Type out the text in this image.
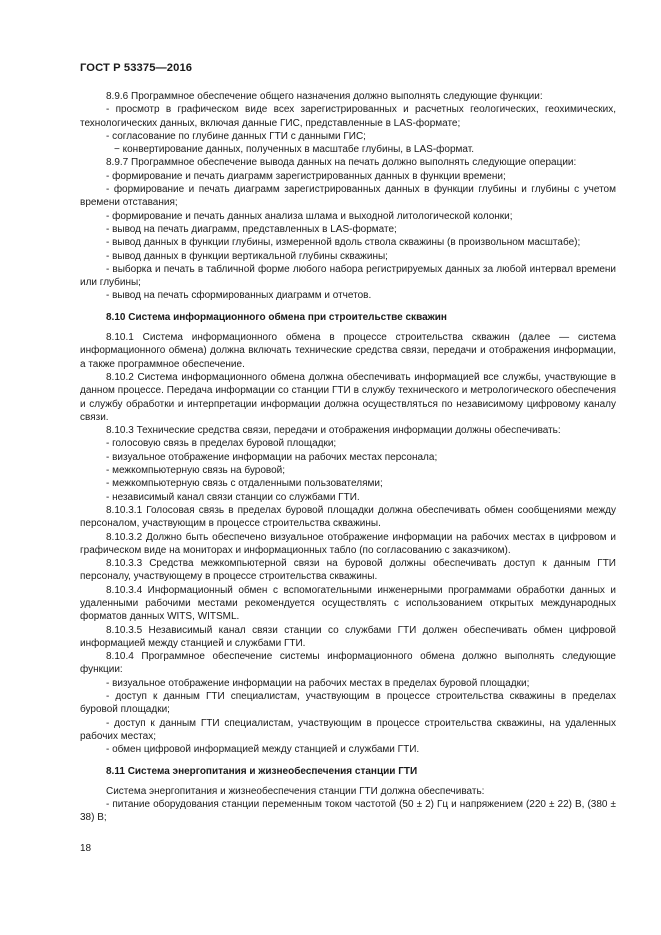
ГОСТ Р 53375—2016

8.9.6 Программное обеспечение общего назначения должно выполнять следующие функции:

- просмотр в графическом виде всех зарегистрированных и расчетных геологических, геохимических, технологических данных, включая данные ГИС, представленные в LAS-формате;

- согласование по глубине данных ГТИ с данными ГИС;

− конвертирование данных, полученных в масштабе глубины, в LAS-формат.

8.9.7 Программное обеспечение вывода данных на печать должно выполнять следующие операции:

- формирование и печать диаграмм зарегистрированных данных в функции времени;

- формирование и печать диаграмм зарегистрированных данных в функции глубины и глубины с учетом времени отставания;

- формирование и печать данных анализа шлама и выходной литологической колонки;

- вывод на печать диаграмм, представленных в LAS-формате;

- вывод данных в функции глубины, измеренной вдоль ствола скважины (в произвольном масштабе);

- вывод данных в функции вертикальной глубины скважины;

- выборка и печать в табличной форме любого набора регистрируемых данных за любой интервал времени или глубины;

- вывод на печать сформированных диаграмм и отчетов.

8.10 Система информационного обмена при строительстве скважин

8.10.1 Система информационного обмена в процессе строительства скважин (далее — система информационного обмена) должна включать технические средства связи, передачи и отображения информации, а также программное обеспечение.

8.10.2 Система информационного обмена должна обеспечивать информацией все службы, участвующие в данном процессе. Передача информации со станции ГТИ в службу технического и метрологического обеспечения и службу обработки и интерпретации информации должна осуществляться по независимому цифровому каналу связи.

8.10.3 Технические средства связи, передачи и отображения информации должны обеспечивать:

- голосовую связь в пределах буровой площадки;

- визуальное отображение информации на рабочих местах персонала;

- межкомпьютерную связь на буровой;

- межкомпьютерную связь с отдаленными пользователями;

- независимый канал связи станции со службами ГТИ.

8.10.3.1 Голосовая связь в пределах буровой площадки должна обеспечивать обмен сообщениями между персоналом, участвующим в процессе строительства скважины.

8.10.3.2 Должно быть обеспечено визуальное отображение информации на рабочих местах в цифровом и графическом виде на мониторах и информационных табло (по согласованию с заказчиком).

8.10.3.3 Средства межкомпьютерной связи на буровой должны обеспечивать доступ к данным ГТИ персоналу, участвующему в процессе строительства скважины.

8.10.3.4 Информационный обмен с вспомогательными инженерными программами обработки данных и удаленными рабочими местами рекомендуется осуществлять с использованием открытых международных форматов данных WITS, WITSML.

8.10.3.5 Независимый канал связи станции со службами ГТИ должен обеспечивать обмен цифровой информацией между станцией и службами ГТИ.

8.10.4 Программное обеспечение системы информационного обмена должно выполнять следующие функции:

- визуальное отображение информации на рабочих местах в пределах буровой площадки;

- доступ к данным ГТИ специалистам, участвующим в процессе строительства скважины в пределах буровой площадки;

- доступ к данным ГТИ специалистам, участвующим в процессе строительства скважины, на удаленных рабочих местах;

- обмен цифровой информацией между станцией и службами ГТИ.

8.11 Система энергопитания и жизнеобеспечения станции ГТИ

Система энергопитания и жизнеобеспечения станции ГТИ должна обеспечивать:

- питание оборудования станции переменным током частотой (50 ± 2) Гц и напряжением (220 ± 22) В, (380 ± 38) В;

18
